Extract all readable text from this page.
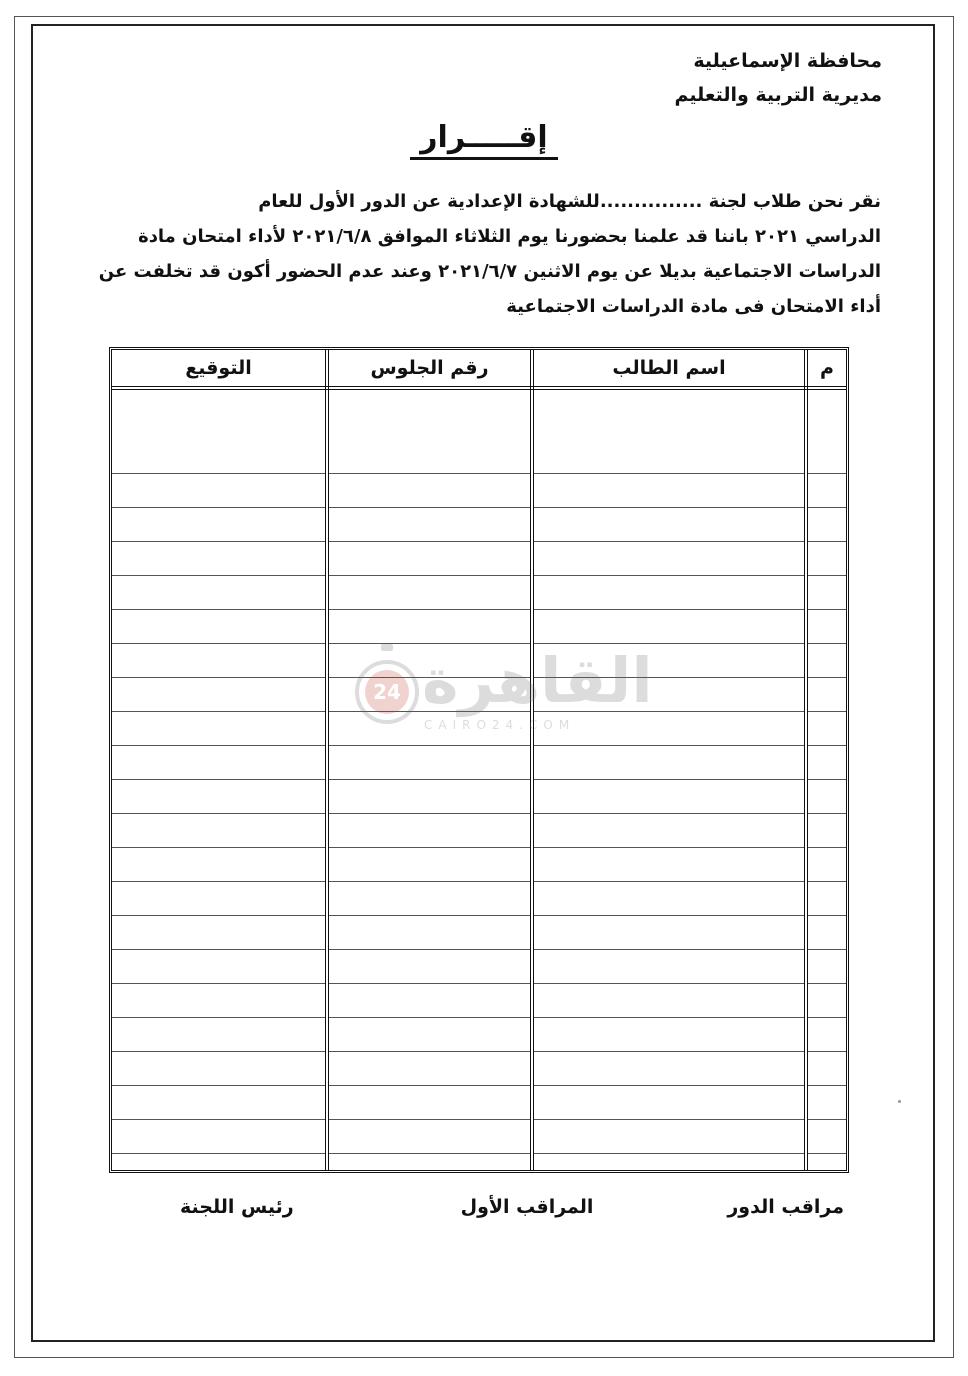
محافظة الإسماعيلية
مديرية التربية والتعليم
إقـــــرار

نقر نحن طلاب لجنة ...............للشهادة الإعدادية عن الدور الأول للعام

الدراسي ٢٠٢١ باننا قد علمنا بحضورنا يوم الثلاثاء الموافق ٢٠٢١/٦/٨ لأداء امتحان مادة

الدراسات الاجتماعية بديلا عن يوم الاثنين ٢٠٢١/٦/٧ وعند عدم الحضور أكون قد تخلفت عن

أداء الامتحان فى مادة الدراسات الاجتماعية

م	اسم الطالب	رقم الجلوس	التوقيع

24 القاهرة
CAIRO24.COM
مراقب الدور
المراقب الأول
رئيس اللجنة
